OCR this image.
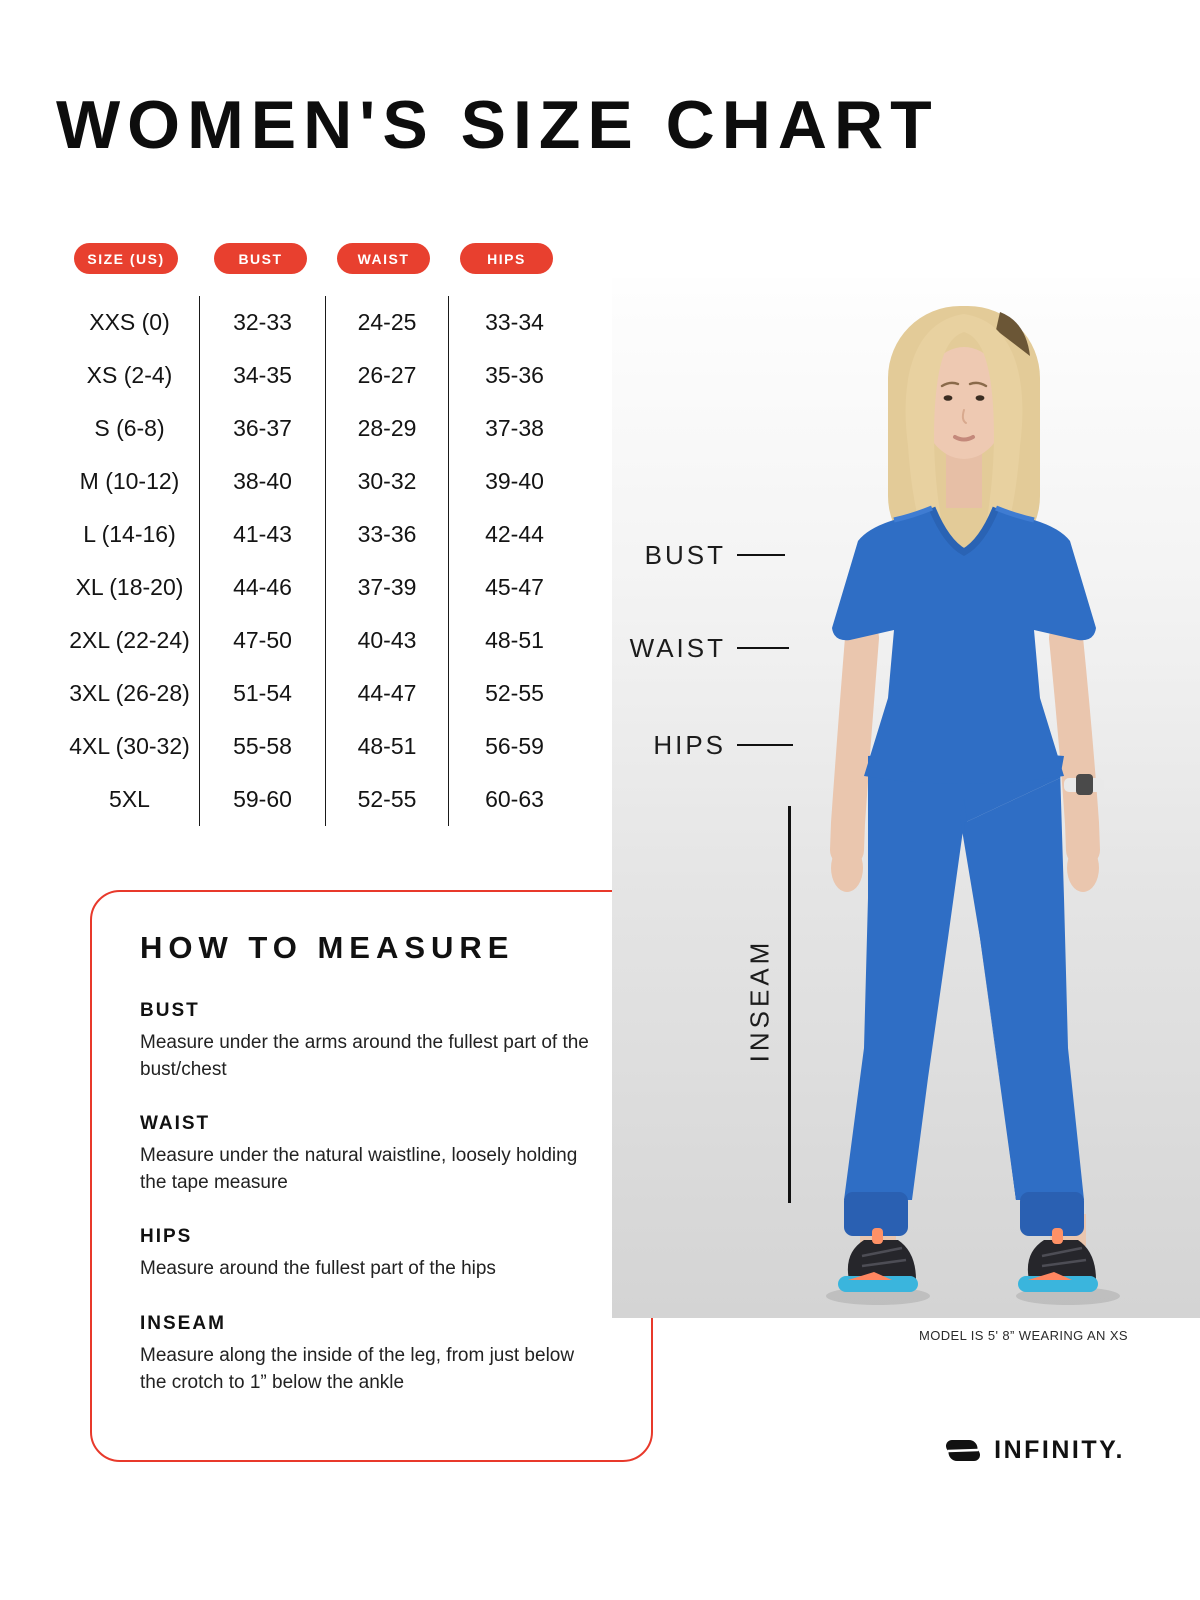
WOMEN'S SIZE CHART
SIZE (US)	BUST	WAIST	HIPS
XXS (0)	32-33	24-25	33-34
XS (2-4)	34-35	26-27	35-36
S (6-8)	36-37	28-29	37-38
M (10-12)	38-40	30-32	39-40
L (14-16)	41-43	33-36	42-44
XL (18-20)	44-46	37-39	45-47
2XL (22-24)	47-50	40-43	48-51
3XL (26-28)	51-54	44-47	52-55
4XL (30-32)	55-58	48-51	56-59
5XL	59-60	52-55	60-63
HOW TO MEASURE
BUST
Measure under the arms around the fullest part of the bust/chest
WAIST
Measure under the natural waistline, loosely holding the tape measure
HIPS
Measure around the fullest part of the hips
INSEAM
Measure along the inside of the leg, from just below the crotch to 1” below the ankle
BUST
WAIST
HIPS
INSEAM
MODEL IS 5' 8” WEARING AN XS
INFINITY.
